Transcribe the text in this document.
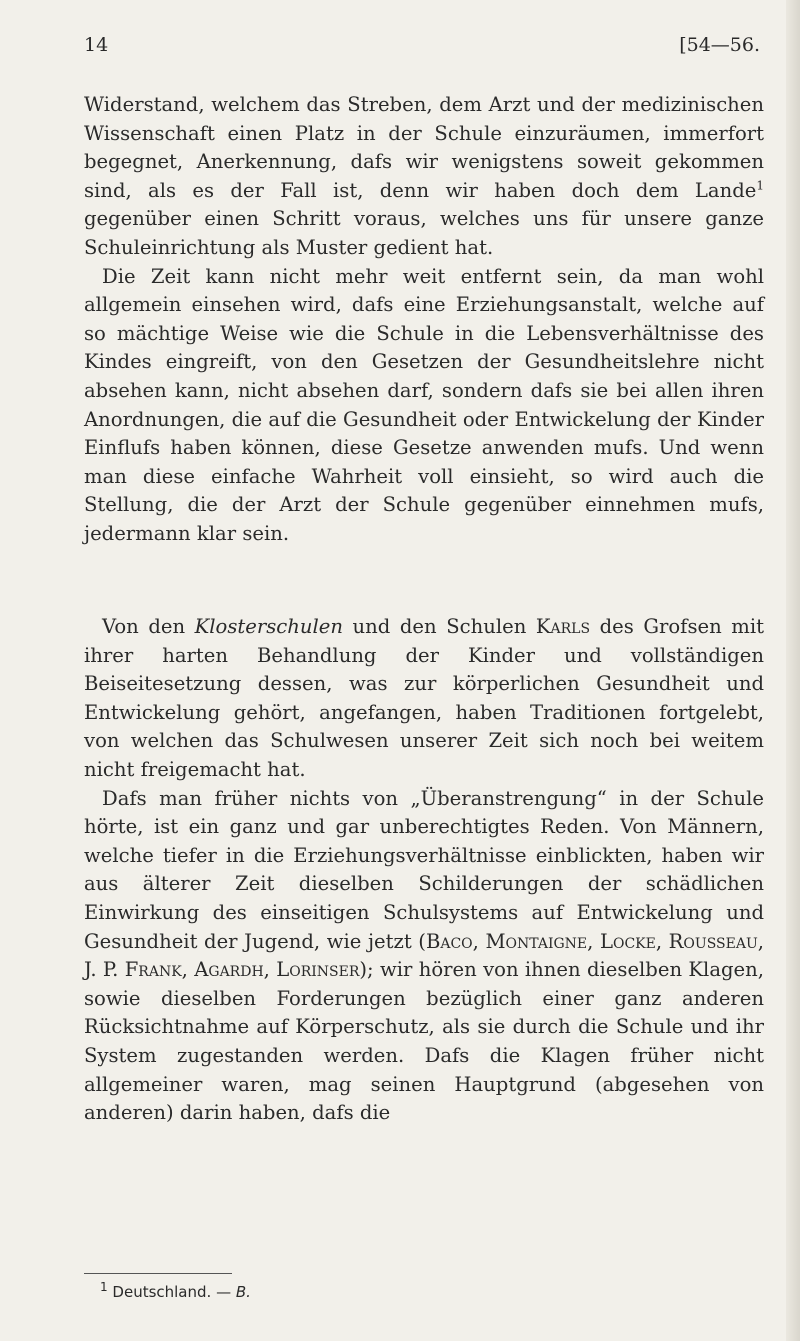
14	[54—56.

Widerstand, welchem das Streben, dem Arzt und der medizinischen Wissenschaft einen Platz in der Schule einzuräumen, immerfort begegnet, Anerkennung, dafs wir wenigstens soweit gekommen sind, als es der Fall ist, denn wir haben doch dem Lande$^1$ gegenüber einen Schritt voraus, welches uns für unsere ganze Schuleinrichtung als Muster gedient hat.

Die Zeit kann nicht mehr weit entfernt sein, da man wohl allgemein einsehen wird, dafs eine Erziehungsanstalt, welche auf so mächtige Weise wie die Schule in die Lebensverhältnisse des Kindes eingreift, von den Gesetzen der Gesundheitslehre nicht absehen kann, nicht absehen darf, sondern dafs sie bei allen ihren Anordnungen, die auf die Gesundheit oder Entwickelung der Kinder Einflufs haben können, diese Gesetze anwenden mufs. Und wenn man diese einfache Wahrheit voll einsieht, so wird auch die Stellung, die der Arzt der Schule gegenüber einnehmen mufs, jedermann klar sein.

Von den Klosterschulen und den Schulen Karls des Grofsen mit ihrer harten Behandlung der Kinder und vollständigen Beiseitesetzung dessen, was zur körperlichen Gesundheit und Entwickelung gehört, angefangen, haben Traditionen fortgelebt, von welchen das Schulwesen unserer Zeit sich noch bei weitem nicht freigemacht hat.

Dafs man früher nichts von „Überanstrengung“ in der Schule hörte, ist ein ganz und gar unberechtigtes Reden. Von Männern, welche tiefer in die Erziehungsverhältnisse einblickten, haben wir aus älterer Zeit dieselben Schilderungen der schädlichen Einwirkung des einseitigen Schulsystems auf Entwickelung und Gesundheit der Jugend, wie jetzt (Baco, Montaigne, Locke, Rousseau, J. P. Frank, Agardh, Lorinser); wir hören von ihnen dieselben Klagen, sowie dieselben Forderungen bezüglich einer ganz anderen Rücksichtnahme auf Körperschutz, als sie durch die Schule und ihr System zugestanden werden. Dafs die Klagen früher nicht allgemeiner waren, mag seinen Hauptgrund (abgesehen von anderen) darin haben, dafs die

$^1$ Deutschland. — B.
